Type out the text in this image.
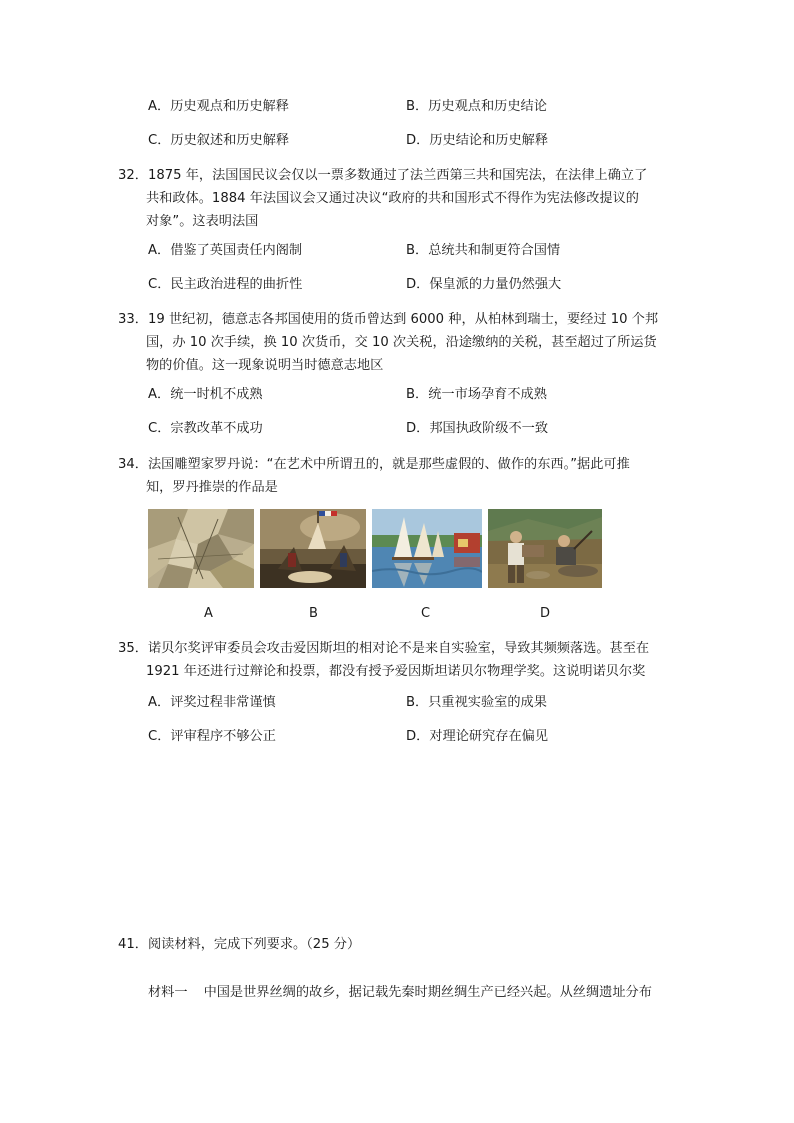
A．历史观点和历史解释	B．历史观点和历史结论
C．历史叙述和历史解释	D．历史结论和历史解释
32．1875 年，法国国民议会仅以一票多数通过了法兰西第三共和国宪法，在法律上确立了
共和政体。1884 年法国议会又通过决议“政府的共和国形式不得作为宪法修改提议的
对象”。这表明法国
A．借鉴了英国责任内阁制	B．总统共和制更符合国情
C．民主政治进程的曲折性	D．保皇派的力量仍然强大
33．19 世纪初，德意志各邦国使用的货币曾达到 6000 种，从柏林到瑞士，要经过 10 个邦
国，办 10 次手续，换 10 次货币，交 10 次关税，沿途缴纳的关税，甚至超过了所运货
物的价值。这一现象说明当时德意志地区
A．统一时机不成熟	B．统一市场孕育不成熟
C．宗教改革不成功	D．邦国执政阶级不一致
34．法国雕塑家罗丹说：“在艺术中所谓丑的，就是那些虚假的、做作的东西。”据此可推
知，罗丹推崇的作品是
A	B	C	D
35．诺贝尔奖评审委员会攻击爱因斯坦的相对论不是来自实验室，导致其频频落选。甚至在
1921 年还进行过辩论和投票，都没有授予爱因斯坦诺贝尔物理学奖。这说明诺贝尔奖
A．评奖过程非常谨慎	B．只重视实验室的成果
C．评审程序不够公正	D．对理论研究存在偏见
41．阅读材料，完成下列要求。（25 分）
材料一 中国是世界丝绸的故乡，据记载先秦时期丝绸生产已经兴起。从丝绸遗址分布
